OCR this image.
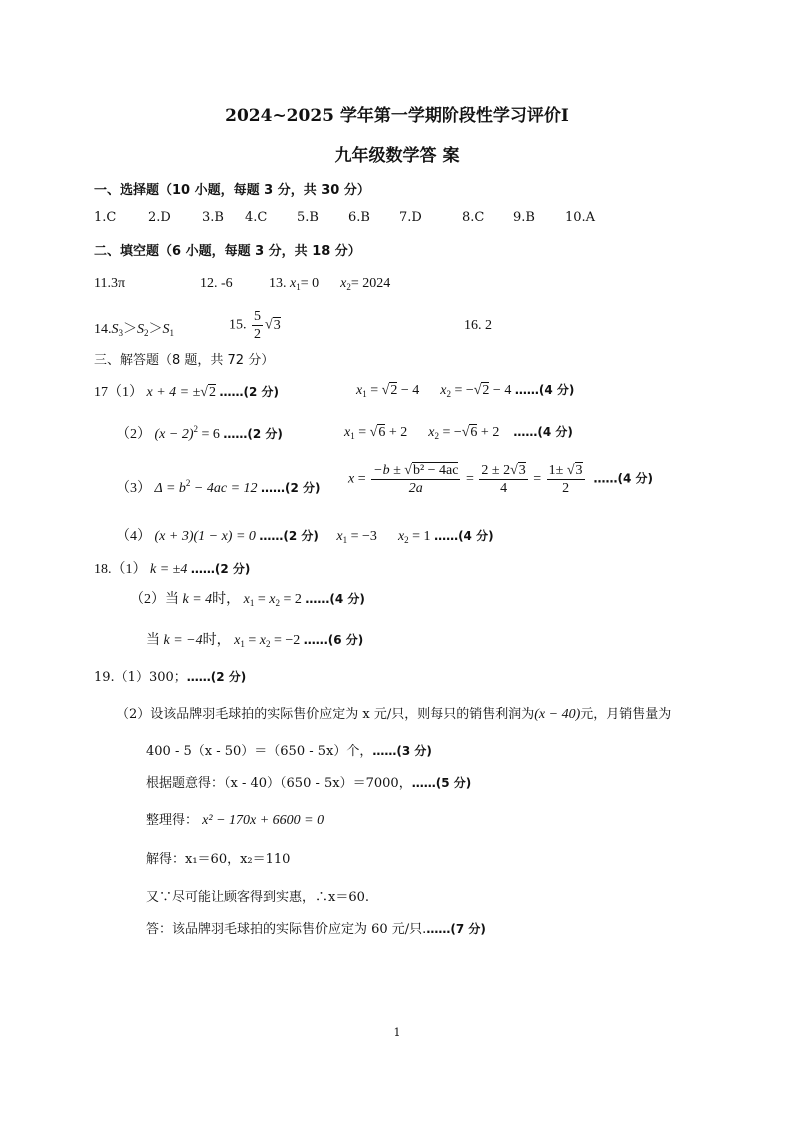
2024~2025 学年第一学期阶段性学习评价I
九年级数学答 案
一、选择题（10 小题，每题 3 分，共 30 分）
1.C 2.D 3.B 4.C 5.B 6.B 7.D	8.C 9.B 10.A
二、填空题（6 小题，每题 3 分，共 18 分）
11.3π	12. -6	13. $x_1= 0$ $x_2= 2024$
$14.S_3>S_2>S_1$
15. $\frac{5}{2} √3$	16. 2
三、解答题（8 题，共 72 分）
17（1） x + 4 = ±√2 ……(2 分)	$x_1 = √2 - 4$ $x_2 = -√2 - 4$ ……(4 分)
（2） $(x - 2)^2 = 6$ ……(2 分)	$x_1 = √6 + 2$ $x_2 = -√6 + 2$ ……(4 分)
（3） $\Delta = b^2 - 4ac = 12$ ……(2 分)
$x = \frac{\text{−b ± √b² − 4ac}}{2a} = \frac{2 \pm 2√3}{4} = \frac{1\pm √3}{2}$ ……(4 分)
（4） (x + 3)(1 − x) = 0 ……(2 分) $x_1 = -3$ $x_2 = 1$ ……(4 分)
18.（1） k = ±4 ……(2 分)
（2）当 k = 4时， $x_1 = x_2 = 2$ ……(4 分)
当 k = −4时， $x_1 = x_2 = -2$ ……(6 分)
19.（1）300；……(2 分)
（2）设该品牌羽毛球拍的实际售价应定为 x 元/只，则每只的销售利润为(x − 40)元，月销售量为
400 - 5（x - 50）＝（650 - 5x）个，……(3 分)
根据题意得：（x - 40）（650 - 5x）＝7000，……(5 分)
整理得： x² − 170x + 6600 = 0
解得：x₁＝60，x₂＝110
又∵尽可能让顾客得到实惠，∴x＝60.
答：该品牌羽毛球拍的实际售价应定为 60 元/只.……(7 分)
1
